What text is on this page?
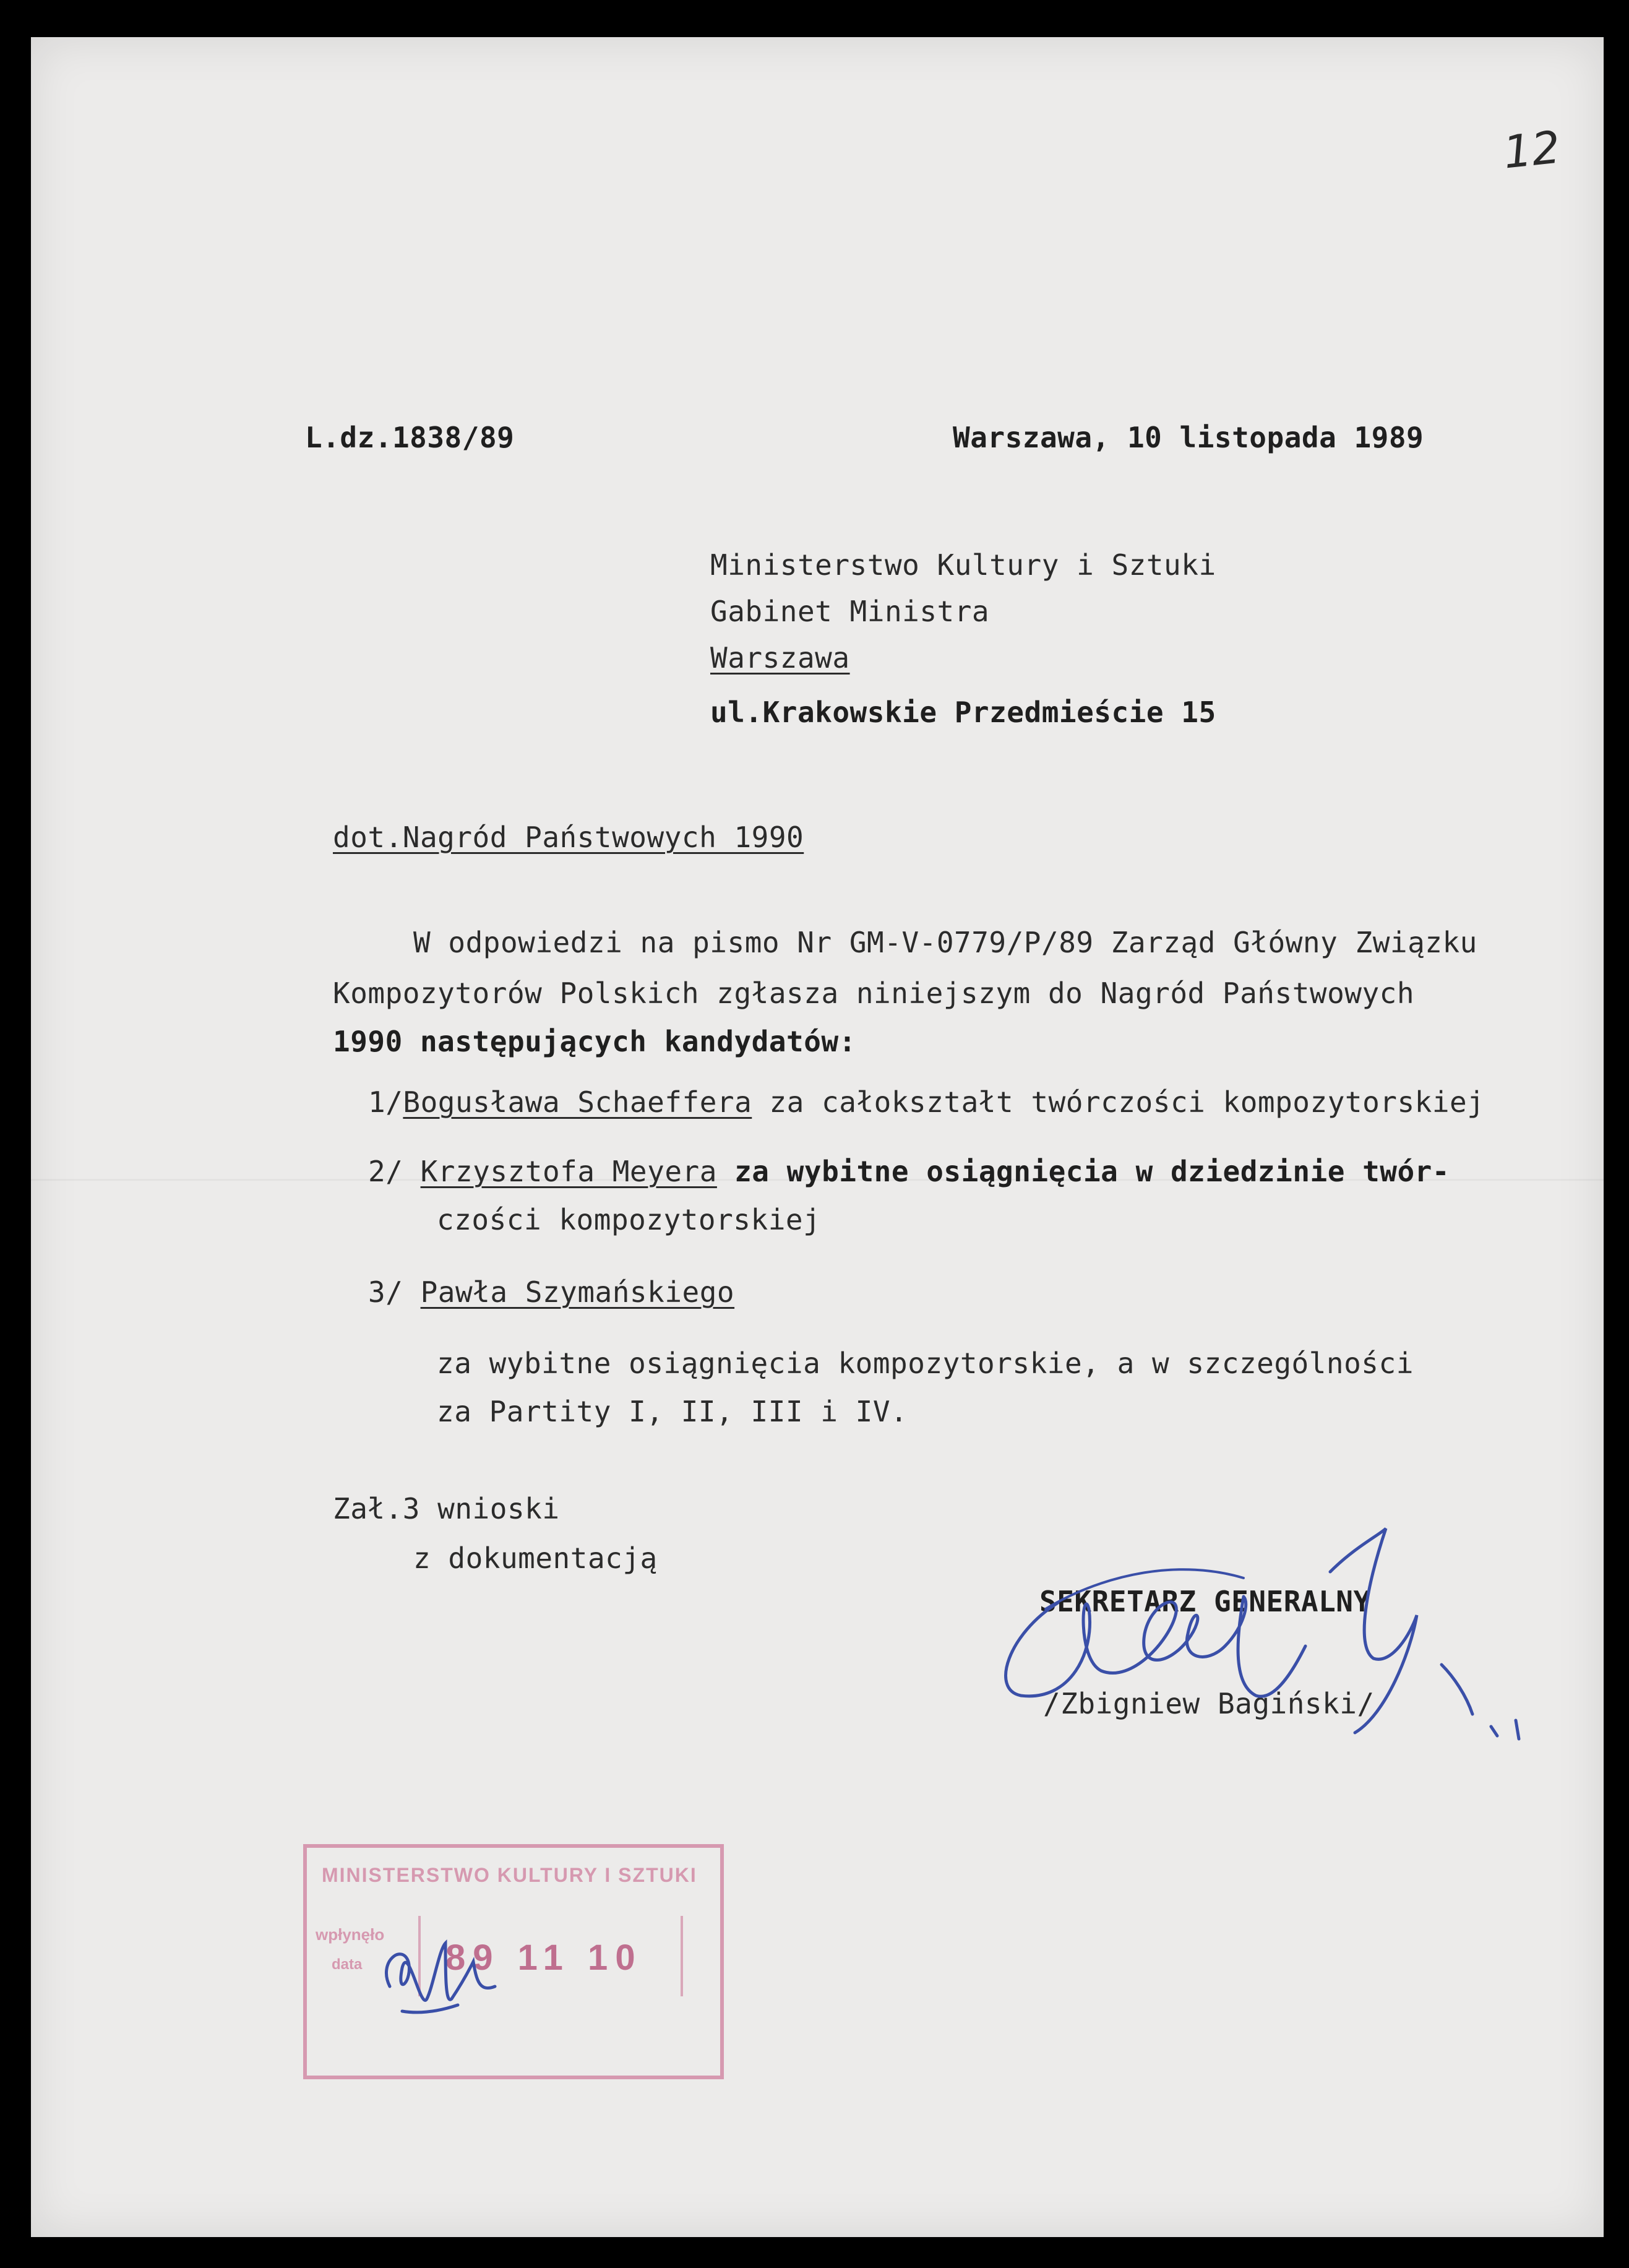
12

L.dz.1838/89	Warszawa, 10 listopada 1989

Ministerstwo Kultury i Sztuki

Gabinet Ministra

Warszawa

ul.Krakowskie Przedmieście 15

dot.Nagród Państwowych 1990

W odpowiedzi na pismo Nr GM-V-0779/P/89 Zarząd Główny Związku

Kompozytorów Polskich zgłasza niniejszym do Nagród Państwowych

1990 następujących kandydatów:

1/Bogusława Schaeffera za całokształt twórczości kompozytorskiej

2/ Krzysztofa Meyera za wybitne osiągnięcia w dziedzinie twór-

czości kompozytorskiej

3/ Pawła Szymańskiego

za wybitne osiągnięcia kompozytorskie, a w szczególności

za Partity I, II, III i IV.

Zał.3 wnioski

z dokumentacją

SEKRETARZ GENERALNY

/Zbigniew Bagiński/

MINISTERSTWO KULTURY I SZTUKI
wpłynęło
data 89 11 10
